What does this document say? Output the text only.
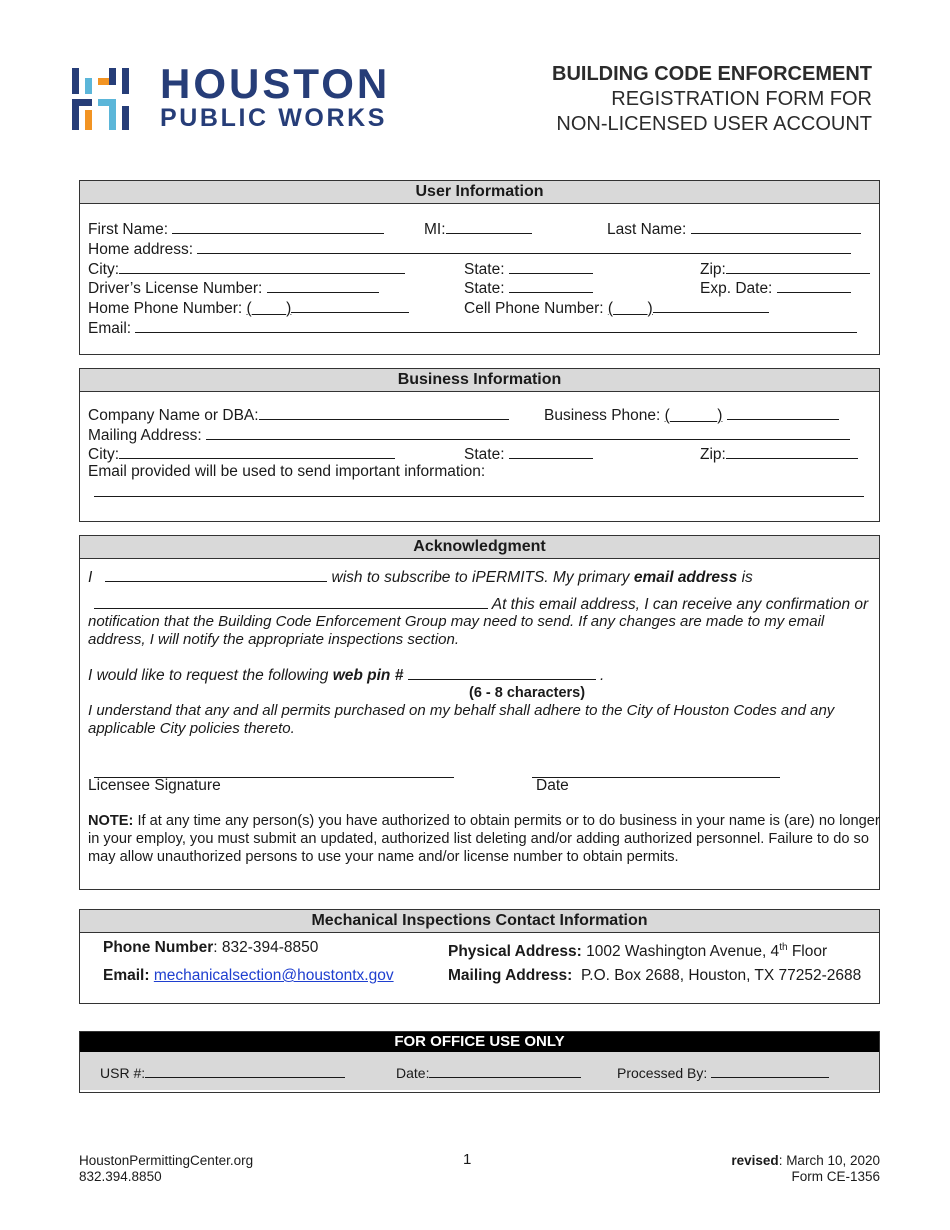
HOUSTON
PUBLIC WORKS
BUILDING CODE ENFORCEMENT
REGISTRATION FORM FOR
NON-LICENSED USER ACCOUNT
User Information
First Name:	MI:	Last Name:
Home address:
City:	State:	Zip:
Driver’s License Number:	State:	Exp. Date:
Home Phone Number: ( )	Cell Phone Number: ( )
Email:
Business Information
Company Name or DBA:	Business Phone: (	)
Mailing Address:
City:	State:	Zip:
Email provided will be used to send important information:
Acknowledgment
I	wish to subscribe to iPERMITS. My primary email address is
At this email address, I can receive any confirmation or

notification that the Building Code Enforcement Group may need to send. If any changes are made to my email address, I will notify the appropriate inspections section.

I would like to request the following web pin #	.
(6 - 8 characters)

I understand that any and all permits purchased on my behalf shall adhere to the City of Houston Codes and any applicable City policies thereto.

Licensee Signature	Date

NOTE: If at any time any person(s) you have authorized to obtain permits or to do business in your name is (are) no longer in your employ, you must submit an updated, authorized list deleting and/or adding authorized personnel. Failure to do so may allow unauthorized persons to use your name and/or license number to obtain permits.

Mechanical Inspections Contact Information
Phone Number: 832-394-8850	Physical Address: 1002 Washington Avenue, 4th Floor
Email: mechanicalsection@houstontx.gov	Mailing Address: P.O. Box 2688, Houston, TX 77252-2688
FOR OFFICE USE ONLY
USR #:	Date:	Processed By:
HoustonPermittingCenter.org
832.394.8850
1	revised: March 10, 2020
Form CE-1356
